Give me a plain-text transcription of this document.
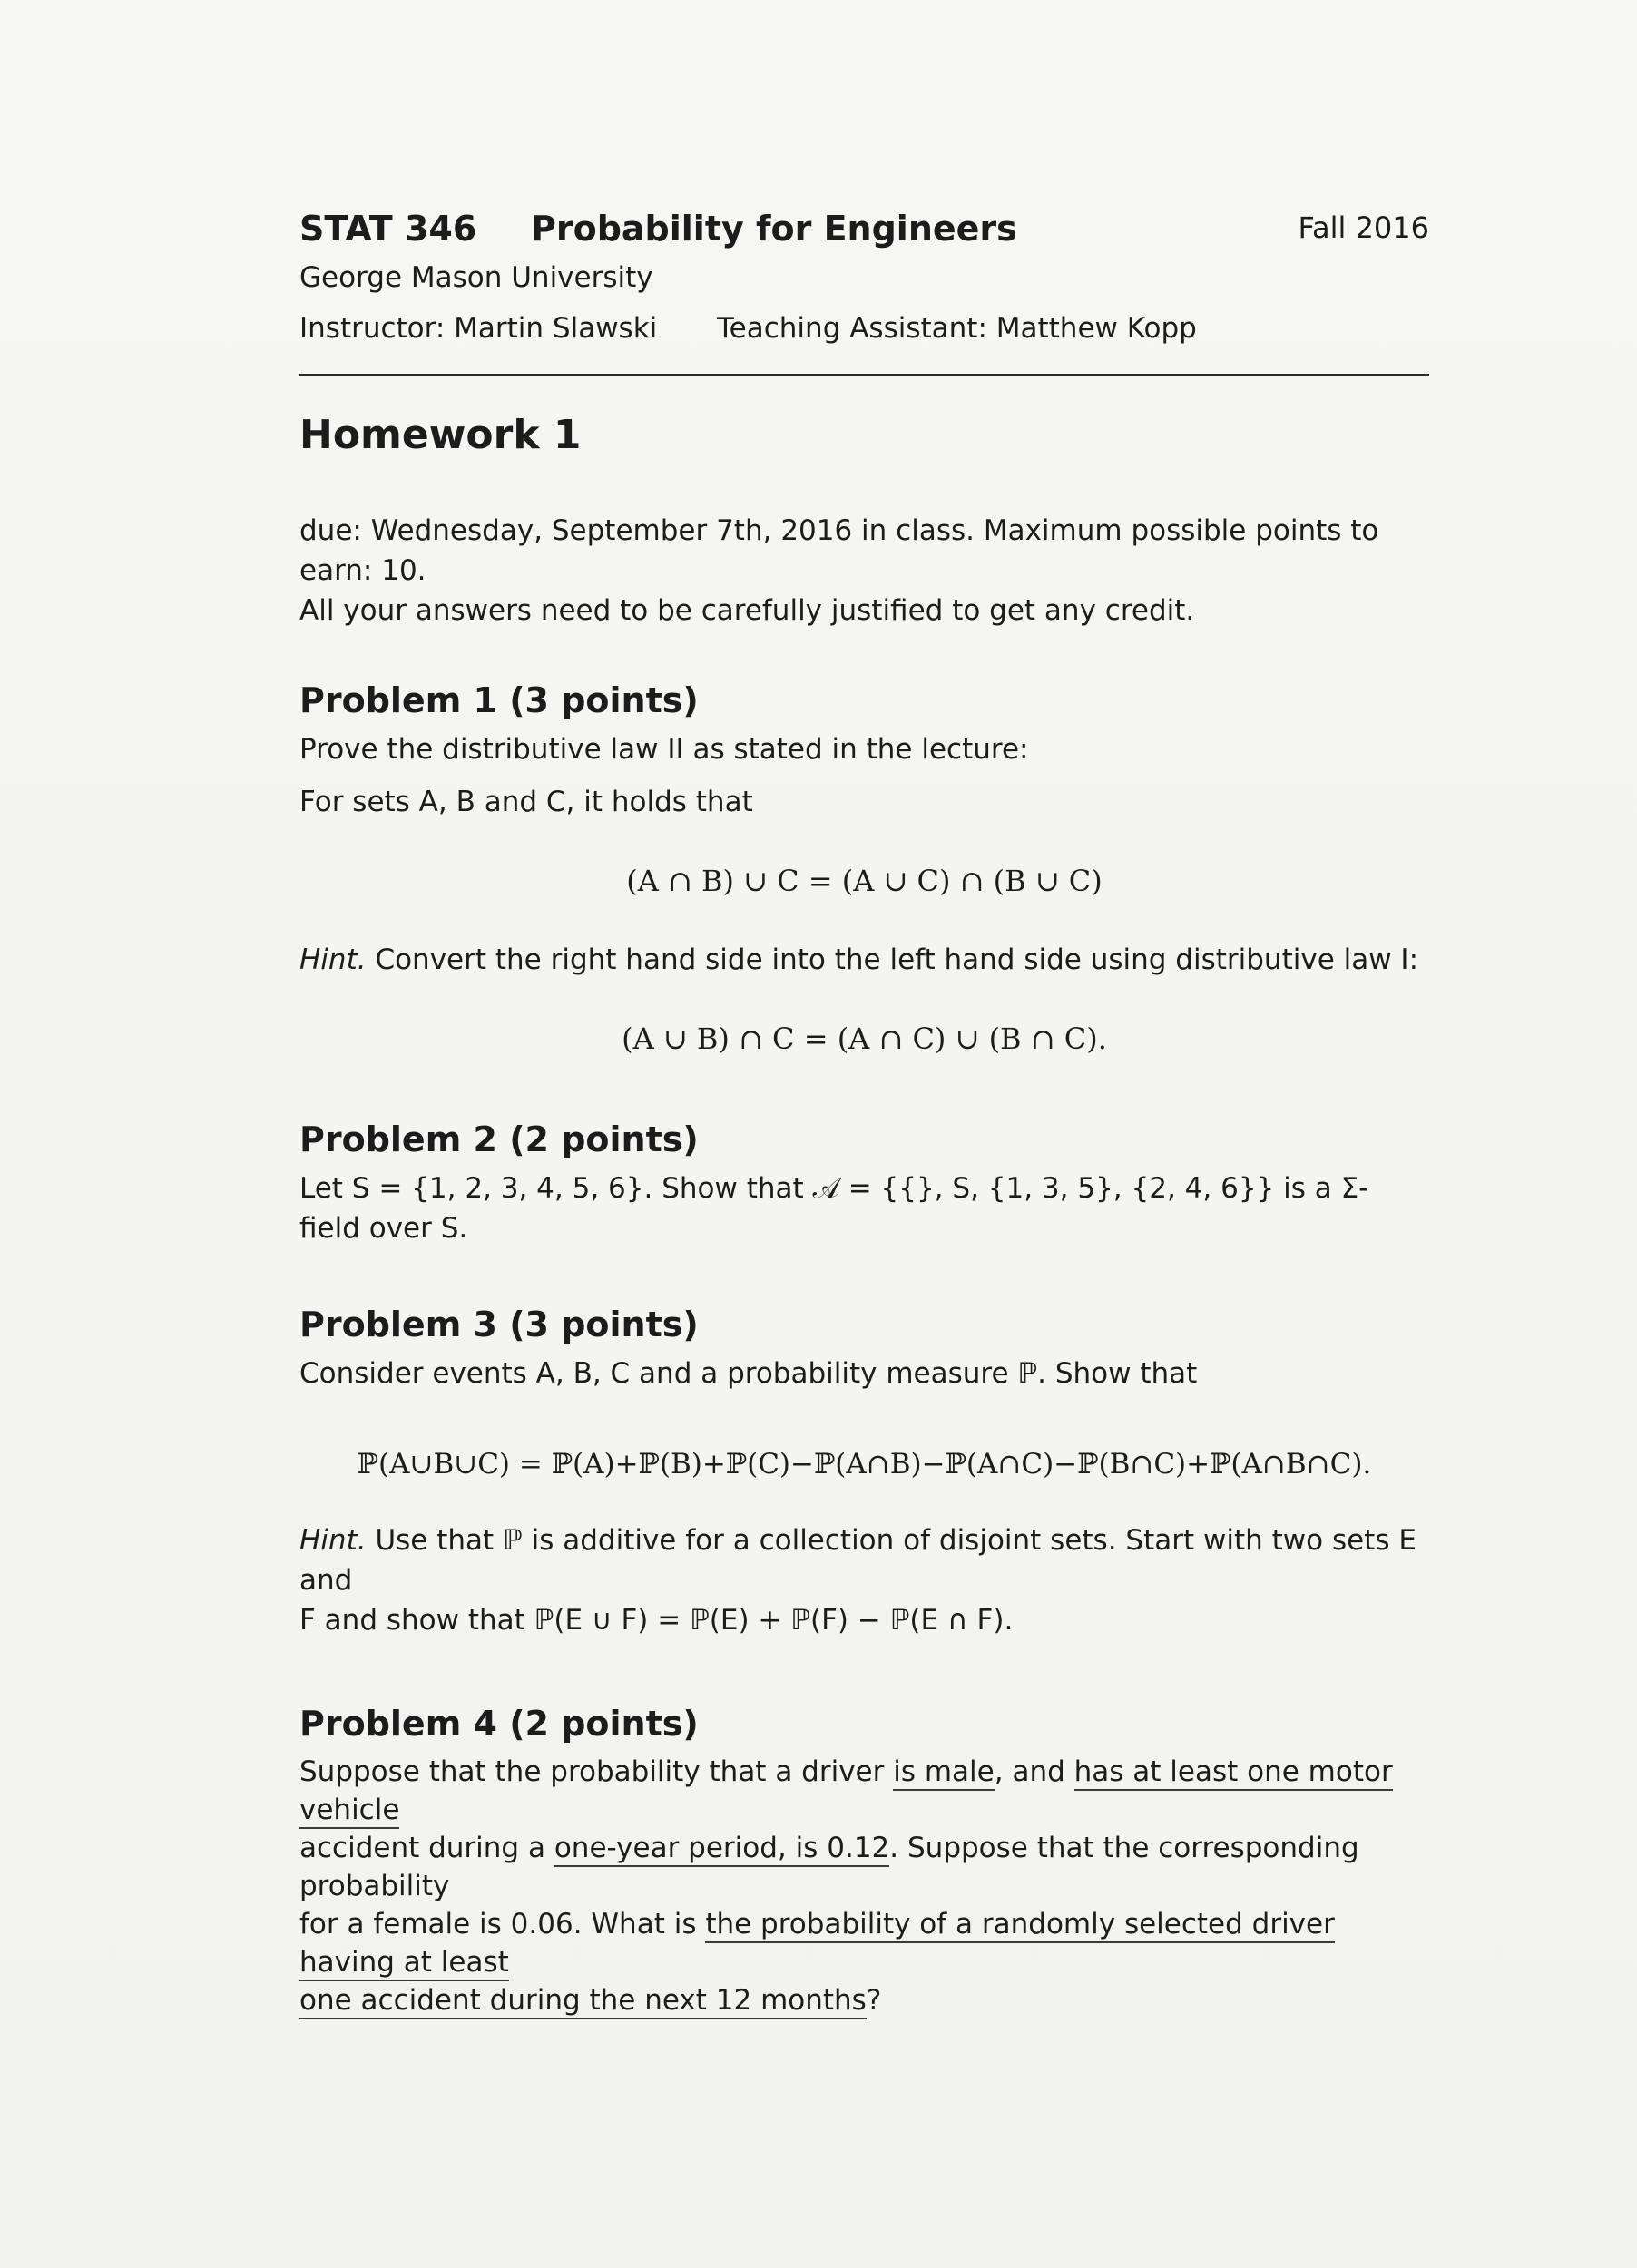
STAT 346 Probability for Engineers	Fall 2016
George Mason University
Instructor: Martin Slawski Teaching Assistant: Matthew Kopp
Homework 1
due: Wednesday, September 7th, 2016 in class. Maximum possible points to earn: 10.
All your answers need to be carefully justified to get any credit.
Problem 1 (3 points)
Prove the distributive law II as stated in the lecture:
For sets A, B and C, it holds that
(A ∩ B) ∪ C = (A ∪ C) ∩ (B ∪ C)
Hint. Convert the right hand side into the left hand side using distributive law I:
(A ∪ B) ∩ C = (A ∩ C) ∪ (B ∩ C).
Problem 2 (2 points)
Let S = {1, 2, 3, 4, 5, 6}. Show that 𝒜 = {{}, S, {1, 3, 5}, {2, 4, 6}} is a Σ-field over S.
Problem 3 (3 points)
Consider events A, B, C and a probability measure ℙ. Show that
ℙ(A∪B∪C) = ℙ(A)+ℙ(B)+ℙ(C)−ℙ(A∩B)−ℙ(A∩C)−ℙ(B∩C)+ℙ(A∩B∩C).
Hint. Use that ℙ is additive for a collection of disjoint sets. Start with two sets E and
F and show that ℙ(E ∪ F) = ℙ(E) + ℙ(F) − ℙ(E ∩ F).
Problem 4 (2 points)
Suppose that the probability that a driver is male, and has at least one motor vehicle
accident during a one-year period, is 0.12. Suppose that the corresponding probability
for a female is 0.06. What is the probability of a randomly selected driver having at least
one accident during the next 12 months?
